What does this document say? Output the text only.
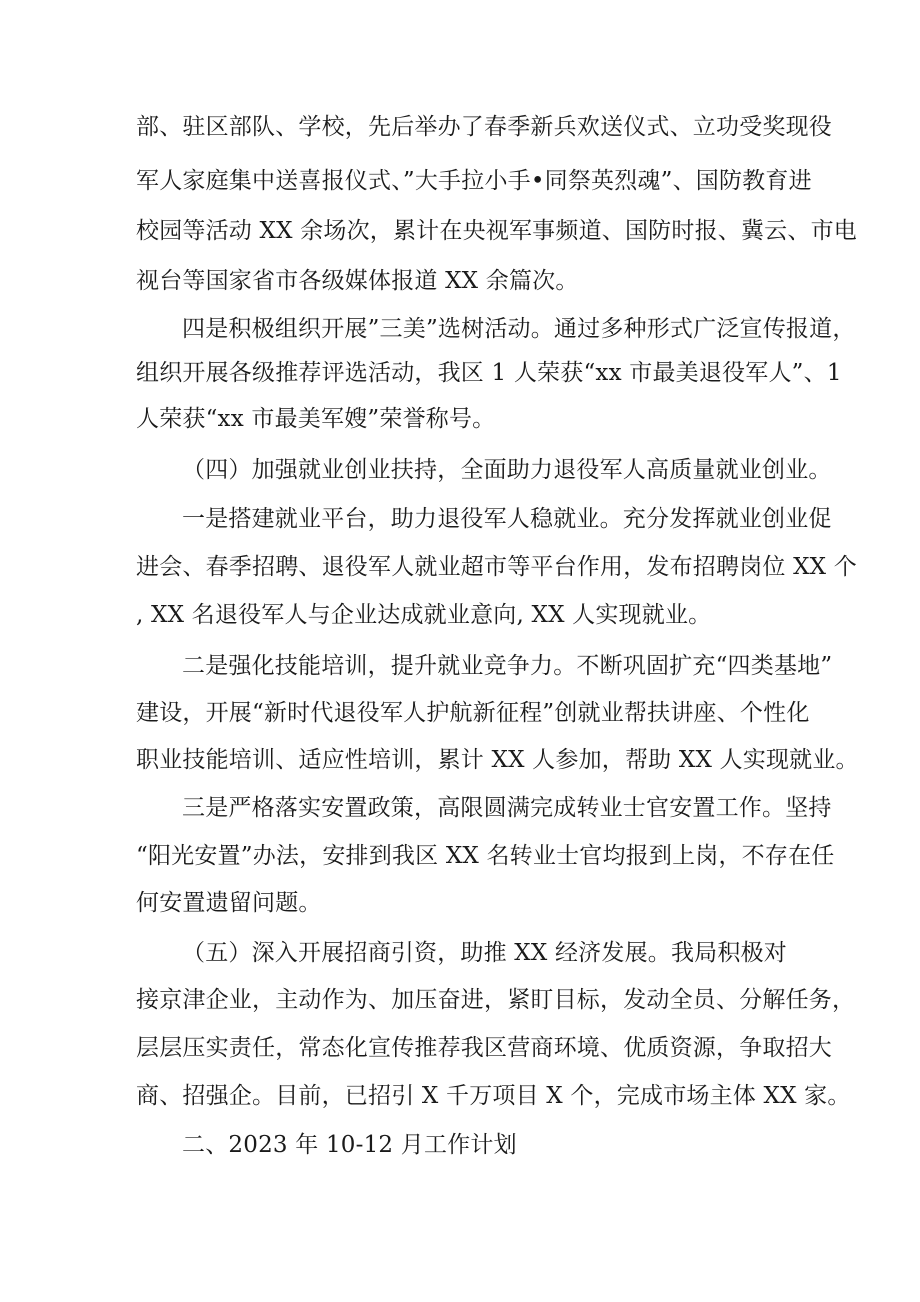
部、驻区部队、学校，先后举办了春季新兵欢送仪式、立功受奖现役
军人家庭集中送喜报仪式、”大手拉小手•同祭英烈魂”、国防教育进
校园等活动 XX 余场次，累计在央视军事频道、国防时报、冀云、市电
视台等国家省市各级媒体报道 XX 余篇次。
四是积极组织开展”三美”选树活动。通过多种形式广泛宣传报道，
组织开展各级推荐评选活动，我区 1 人荣获“xx 市最美退役军人”、1
人荣获“xx 市最美军嫂”荣誉称号。
（四）加强就业创业扶持，全面助力退役军人高质量就业创业。
一是搭建就业平台，助力退役军人稳就业。充分发挥就业创业促
进会、春季招聘、退役军人就业超市等平台作用，发布招聘岗位 XX 个
, XX 名退役军人与企业达成就业意向, XX 人实现就业。
二是强化技能培训，提升就业竞争力。不断巩固扩充“四类基地”
建设，开展“新时代退役军人护航新征程”创就业帮扶讲座、个性化
职业技能培训、适应性培训，累计 XX 人参加，帮助 XX 人实现就业。
三是严格落实安置政策，高限圆满完成转业士官安置工作。坚持
“阳光安置”办法，安排到我区 XX 名转业士官均报到上岗，不存在任
何安置遗留问题。
（五）深入开展招商引资，助推 XX 经济发展。我局积极对
接京津企业，主动作为、加压奋进，紧盯目标，发动全员、分解任务，
层层压实责任，常态化宣传推荐我区营商环境、优质资源，争取招大
商、招强企。目前，已招引 X 千万项目 X 个，完成市场主体 XX 家。
二、2023 年 10-12 月工作计划
